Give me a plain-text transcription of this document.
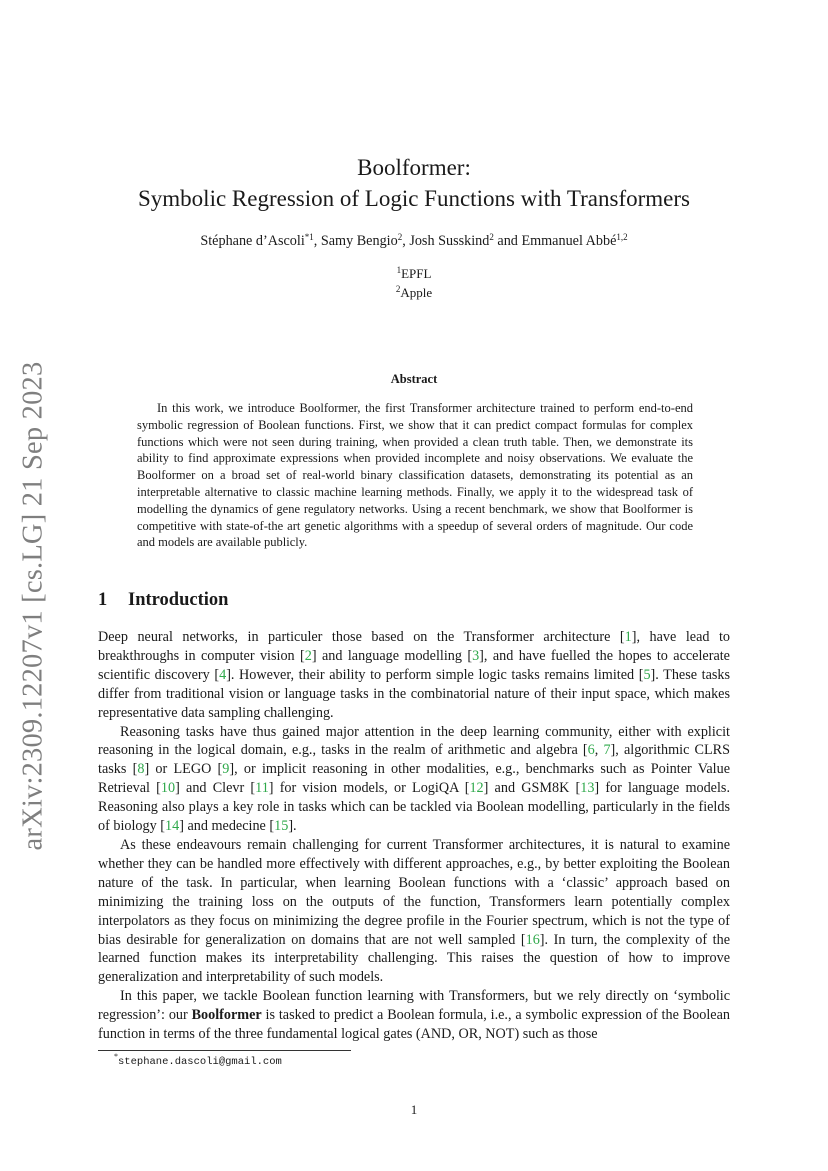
arXiv:2309.12207v1 [cs.LG] 21 Sep 2023
Boolformer:
Symbolic Regression of Logic Functions with Transformers
Stéphane d’Ascoli$^{*1}$, Samy Bengio$^2$, Josh Susskind$^2$ and Emmanuel Abbé$^{1,2}$
$^1$EPFL
$^2$Apple
Abstract
In this work, we introduce Boolformer, the first Transformer architecture trained to perform end-to-end symbolic regression of Boolean functions. First, we show that it can predict compact formulas for complex functions which were not seen during training, when provided a clean truth table. Then, we demonstrate its ability to find approximate expressions when provided incomplete and noisy observations. We evaluate the Boolformer on a broad set of real-world binary classification datasets, demonstrating its potential as an interpretable alternative to classic machine learning methods. Finally, we apply it to the widespread task of modelling the dynamics of gene regulatory networks. Using a recent benchmark, we show that Boolformer is competitive with state-of-the art genetic algorithms with a speedup of several orders of magnitude. Our code and models are available publicly.
1 Introduction

Deep neural networks, in particuler those based on the Transformer architecture [1], have lead to breakthroughs in computer vision [2] and language modelling [3], and have fuelled the hopes to accelerate scientific discovery [4]. However, their ability to perform simple logic tasks remains limited [5]. These tasks differ from traditional vision or language tasks in the combinatorial nature of their input space, which makes representative data sampling challenging.

Reasoning tasks have thus gained major attention in the deep learning community, either with explicit reasoning in the logical domain, e.g., tasks in the realm of arithmetic and algebra [6, 7], algorithmic CLRS tasks [8] or LEGO [9], or implicit reasoning in other modalities, e.g., benchmarks such as Pointer Value Retrieval [10] and Clevr [11] for vision models, or LogiQA [12] and GSM8K [13] for language models. Reasoning also plays a key role in tasks which can be tackled via Boolean modelling, particularly in the fields of biology [14] and medecine [15].

As these endeavours remain challenging for current Transformer architectures, it is natural to examine whether they can be handled more effectively with different approaches, e.g., by better exploiting the Boolean nature of the task. In particular, when learning Boolean functions with a ‘classic’ approach based on minimizing the training loss on the outputs of the function, Transformers learn potentially complex interpolators as they focus on minimizing the degree profile in the Fourier spectrum, which is not the type of bias desirable for generalization on domains that are not well sampled [16]. In turn, the complexity of the learned function makes its interpretability challenging. This raises the question of how to improve generalization and interpretability of such models.

In this paper, we tackle Boolean function learning with Transformers, but we rely directly on ‘symbolic regression’: our Boolformer is tasked to predict a Boolean formula, i.e., a symbolic expression of the Boolean function in terms of the three fundamental logical gates (AND, OR, NOT) such as those

*stephane.dascoli@gmail.com
1
